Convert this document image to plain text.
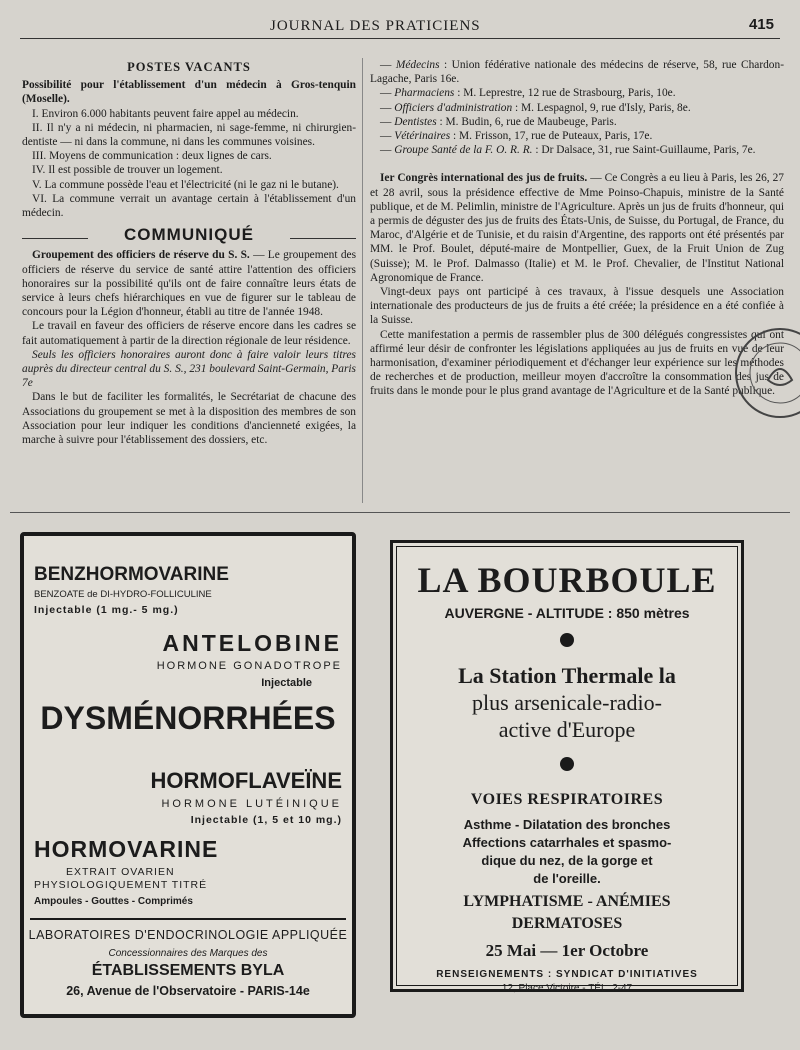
JOURNAL DES PRATICIENS	415
POSTES VACANTS

Possibilité pour l'établissement d'un médecin à Gros-tenquin (Moselle).

I. Environ 6.000 habitants peuvent faire appel au médecin.

II. Il n'y a ni médecin, ni pharmacien, ni sage-femme, ni chirurgien-dentiste — ni dans la commune, ni dans les communes voisines.

III. Moyens de communication : deux lignes de cars.

IV. Il est possible de trouver un logement.

V. La commune possède l'eau et l'électricité (ni le gaz ni le butane).

VI. La commune verrait un avantage certain à l'établissement d'un médecin.

COMMUNIQUÉ

Groupement des officiers de réserve du S. S. — Le groupement des officiers de réserve du service de santé attire l'attention des officiers honoraires sur la possibilité qu'ils ont de faire connaître leurs états de service à leurs chefs hiérarchiques en vue de figurer sur le tableau de concours pour la Légion d'honneur, établi au titre de l'année 1948.

Le travail en faveur des officiers de réserve encore dans les cadres se fait automatiquement à partir de la direction régionale de leur résidence.

Seuls les officiers honoraires auront donc à faire valoir leurs titres auprès du directeur central du S. S., 231 boulevard Saint-Germain, Paris 7e

Dans le but de faciliter les formalités, le Secrétariat de chacune des Associations du groupement se met à la disposition des membres de son Association pour leur indiquer les conditions d'ancienneté exigées, la marche à suivre pour l'établissement des dossiers, etc.

— Médecins : Union fédérative nationale des médecins de réserve, 58, rue Chardon-Lagache, Paris 16e.

— Pharmaciens : M. Leprestre, 12 rue de Strasbourg, Paris, 10e.

— Officiers d'administration : M. Lespagnol, 9, rue d'Isly, Paris, 8e.

— Dentistes : M. Budin, 6, rue de Maubeuge, Paris.

— Vétérinaires : M. Frisson, 17, rue de Puteaux, Paris, 17e.

— Groupe Santé de la F. O. R. R. : Dr Dalsace, 31, rue Saint-Guillaume, Paris, 7e.

Ier Congrès international des jus de fruits. — Ce Congrès a eu lieu à Paris, les 26, 27 et 28 avril, sous la présidence effective de Mme Poinso-Chapuis, ministre de la Santé publique, et de M. Pelimlin, ministre de l'Agriculture. Après un jus de fruits d'honneur, qui a permis de déguster des jus de fruits des États-Unis, de Suisse, du Portugal, de France, du Maroc, d'Algérie et de Tunisie, et du raisin d'Argentine, des rapports ont été présentés par MM. le Prof. Boulet, député-maire de Montpellier, Guex, de la Fruit Union de Zug (Suisse); M. le Prof. Dalmasso (Italie) et M. le Prof. Chevalier, de l'Institut National Agronomique de France.

Vingt-deux pays ont participé à ces travaux, à l'issue desquels une Association internationale des producteurs de jus de fruits a été créée; la présidence en a été confiée à la Suisse.

Cette manifestation a permis de rassembler plus de 300 délégués congressistes qui ont affirmé leur désir de confronter les législations appliquées au jus de fruits en vue de leur harmonisation, d'examiner périodiquement et d'échanger leur expérience sur les méthodes de recherches et de production, meilleur moyen d'accroître la consommation des jus de fruits dans le monde pour le plus grand avantage de l'Agriculture et de la Santé publique.

BENZHORMOVARINE
BENZOATE de DI-HYDRO-FOLLICULINE
Injectable (1 mg.- 5 mg.)
ANTELOBINE
HORMONE GONADOTROPE
Injectable
DYSMÉNORRHÉES
HORMOFLAVEÏNE
HORMONE LUTÉINIQUE
Injectable (1, 5 et 10 mg.)
HORMOVARINE
EXTRAIT OVARIEN
PHYSIOLOGIQUEMENT TITRÉ
Ampoules - Gouttes - Comprimés
LABORATOIRES D'ENDOCRINOLOGIE APPLIQUÉE
Concessionnaires des Marques des
ÉTABLISSEMENTS BYLA
26, Avenue de l'Observatoire - PARIS-14e
LA BOURBOULE
AUVERGNE - ALTITUDE : 850 mètres
La Station Thermale la
plus arsenicale-radio-
active d'Europe
VOIES RESPIRATOIRES
Asthme - Dilatation des bronches
Affections catarrhales et spasmo-
dique du nez, de la gorge et
de l'oreille.
LYMPHATISME - ANÉMIES
DERMATOSES
25 Mai — 1er Octobre
RENSEIGNEMENTS : SYNDICAT D'INITIATIVES
12, Place Victoire - TÉL. 2-47
